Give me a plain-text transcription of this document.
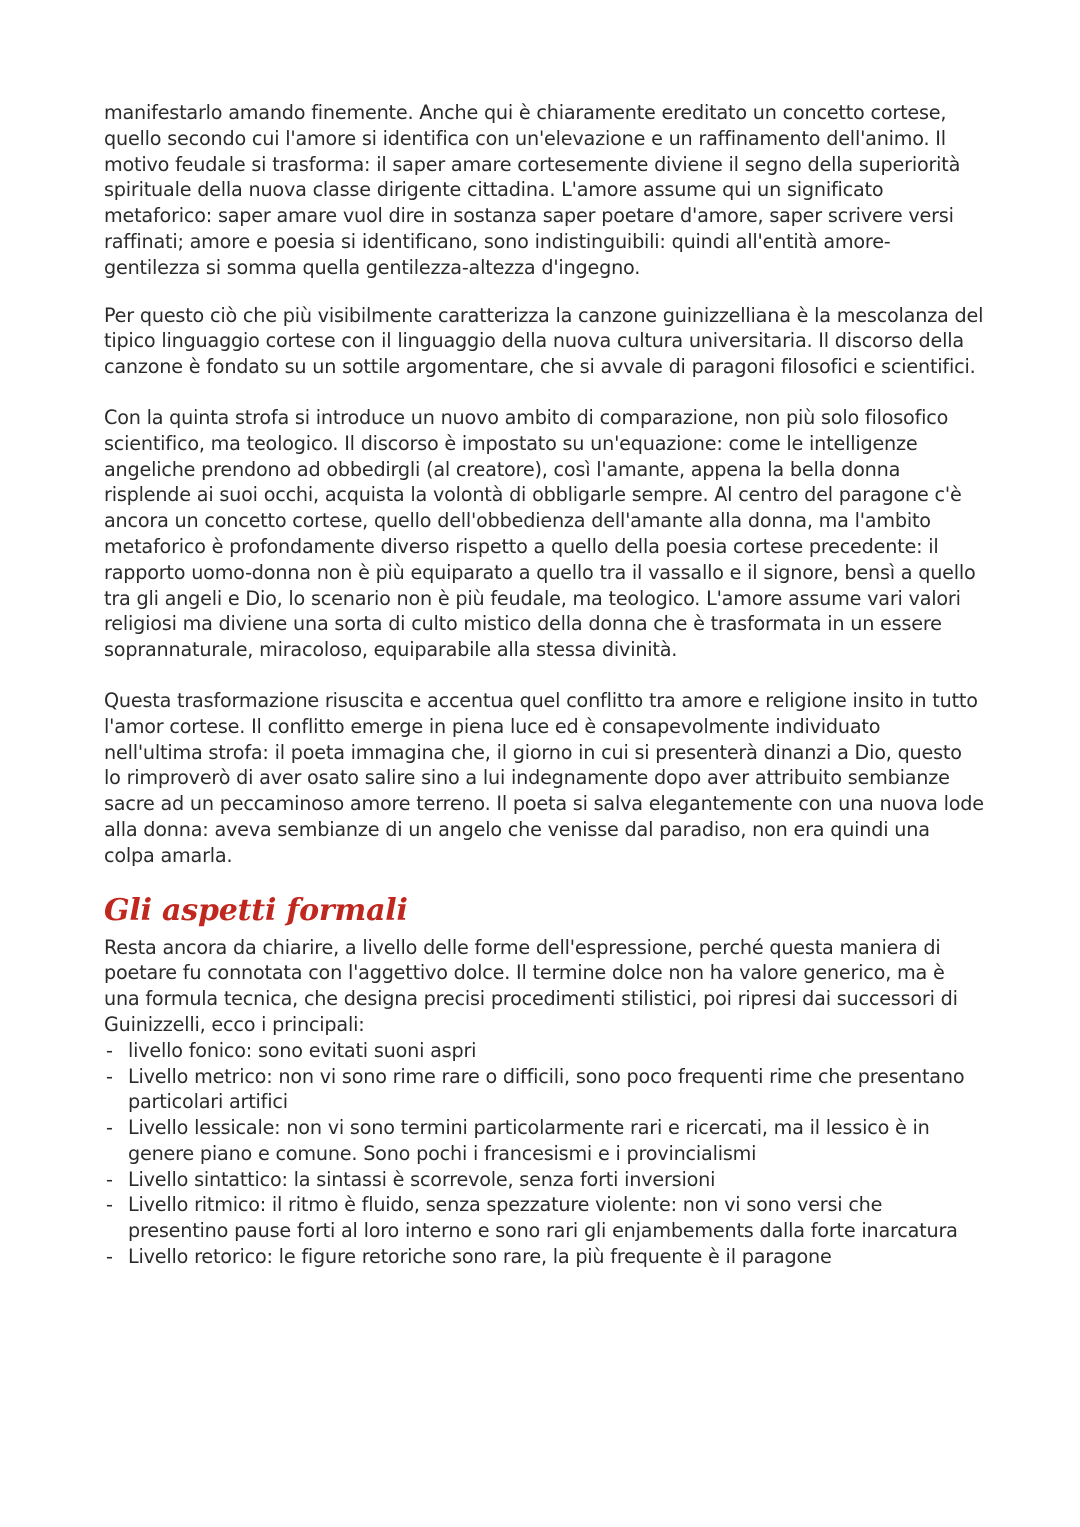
manifestarlo amando finemente. Anche qui è chiaramente ereditato un concetto cortese, quello secondo cui l'amore si identifica con un'elevazione e un raffinamento dell'animo. Il motivo feudale si trasforma: il saper amare cortesemente diviene il segno della superiorità spirituale della nuova classe dirigente cittadina. L'amore assume qui un significato metaforico: saper amare vuol dire in sostanza saper poetare d'amore, saper scrivere versi raffinati; amore e poesia si identificano, sono indistinguibili: quindi all'entità amore-gentilezza si somma quella gentilezza-altezza d'ingegno.

Per questo ciò che più visibilmente caratterizza la canzone guinizzelliana è la mescolanza del tipico linguaggio cortese con il linguaggio della nuova cultura universitaria. Il discorso della canzone è fondato su un sottile argomentare, che si avvale di paragoni filosofici e scientifici.

Con la quinta strofa si introduce un nuovo ambito di comparazione, non più solo filosofico scientifico, ma teologico. Il discorso è impostato su un'equazione: come le intelligenze angeliche prendono ad obbedirgli (al creatore), così l'amante, appena la bella donna risplende ai suoi occhi, acquista la volontà di obbligarle sempre. Al centro del paragone c'è ancora un concetto cortese, quello dell'obbedienza dell'amante alla donna, ma l'ambito metaforico è profondamente diverso rispetto a quello della poesia cortese precedente: il rapporto uomo-donna non è più equiparato a quello tra il vassallo e il signore, bensì a quello tra gli angeli e Dio, lo scenario non è più feudale, ma teologico. L'amore assume vari valori religiosi ma diviene una sorta di culto mistico della donna che è trasformata in un essere soprannaturale, miracoloso, equiparabile alla stessa divinità.

Questa trasformazione risuscita e accentua quel conflitto tra amore e religione insito in tutto l'amor cortese. Il conflitto emerge in piena luce ed è consapevolmente individuato nell'ultima strofa: il poeta immagina che, il giorno in cui si presenterà dinanzi a Dio, questo lo rimproverò di aver osato salire sino a lui indegnamente dopo aver attribuito sembianze sacre ad un peccaminoso amore terreno. Il poeta si salva elegantemente con una nuova lode alla donna: aveva sembianze di un angelo che venisse dal paradiso, non era quindi una colpa amarla.

Gli aspetti formali

Resta ancora da chiarire, a livello delle forme dell'espressione, perché questa maniera di poetare fu connotata con l'aggettivo dolce. Il termine dolce non ha valore generico, ma è una formula tecnica, che designa precisi procedimenti stilistici, poi ripresi dai successori di Guinizzelli, ecco i principali:

- livello fonico: sono evitati suoni aspri
- Livello metrico: non vi sono rime rare o difficili, sono poco frequenti rime che presentano particolari artifici
- Livello lessicale: non vi sono termini particolarmente rari e ricercati, ma il lessico è in genere piano e comune. Sono pochi i francesismi e i provincialismi
- Livello sintattico: la sintassi è scorrevole, senza forti inversioni
- Livello ritmico: il ritmo è fluido, senza spezzature violente: non vi sono versi che presentino pause forti al loro interno e sono rari gli enjambements dalla forte inarcatura
- Livello retorico: le figure retoriche sono rare, la più frequente è il paragone
